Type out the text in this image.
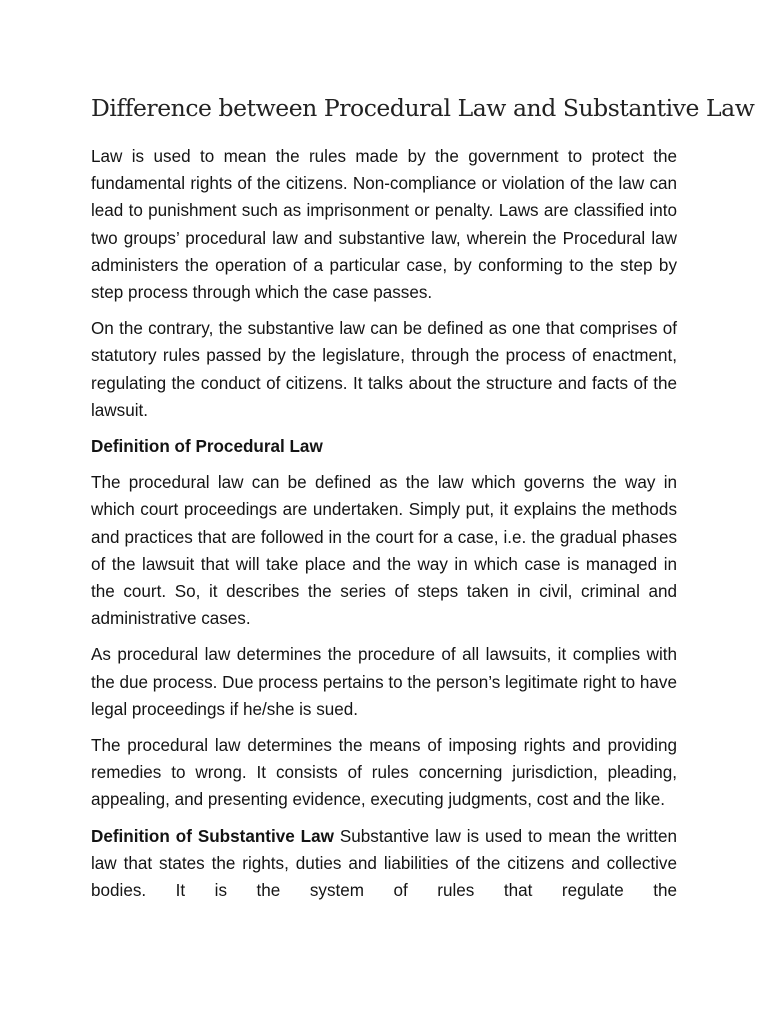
Difference between Procedural Law and Substantive Law

Law is used to mean the rules made by the government to protect the fundamental rights of the citizens. Non-compliance or violation of the law can lead to punishment such as imprisonment or penalty. Laws are classified into two groups’ procedural law and substantive law, wherein the Procedural law administers the operation of a particular case, by conforming to the step by step process through which the case passes.

On the contrary, the substantive law can be defined as one that comprises of statutory rules passed by the legislature, through the process of enactment, regulating the conduct of citizens. It talks about the structure and facts of the lawsuit.

Definition of Procedural Law

The procedural law can be defined as the law which governs the way in which court proceedings are undertaken. Simply put, it explains the methods and practices that are followed in the court for a case, i.e. the gradual phases of the lawsuit that will take place and the way in which case is managed in the court. So, it describes the series of steps taken in civil, criminal and administrative cases.

As procedural law determines the procedure of all lawsuits, it complies with the due process. Due process pertains to the person’s legitimate right to have legal proceedings if he/she is sued.

The procedural law determines the means of imposing rights and providing remedies to wrong. It consists of rules concerning jurisdiction, pleading, appealing, and presenting evidence, executing judgments, cost and the like.

Definition of Substantive Law Substantive law is used to mean the written law that states the rights, duties and liabilities of the citizens and collective bodies. It is the system of rules that regulate the
